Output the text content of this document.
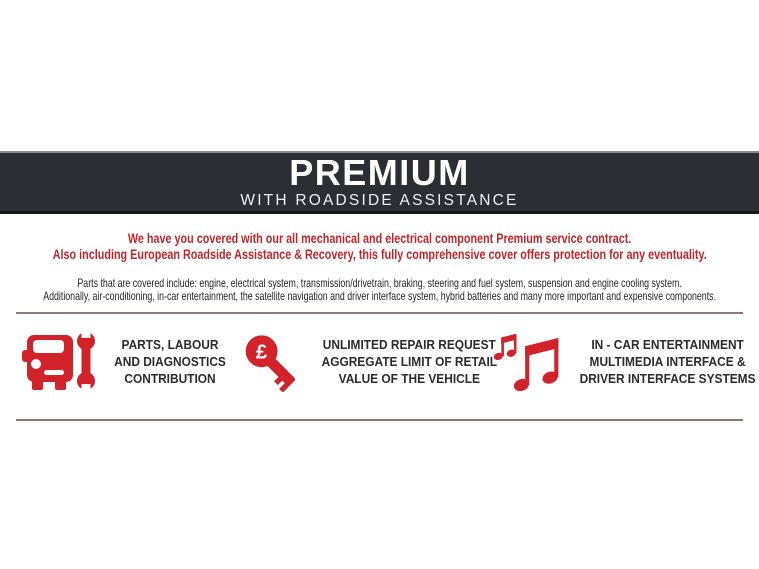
PREMIUM
WITH ROADSIDE ASSISTANCE
We have you covered with our all mechanical and electrical component Premium service contract.
Also including European Roadside Assistance & Recovery, this fully comprehensive cover offers protection for any eventuality.
Parts that are covered include: engine, electrical system, transmission/drivetrain, braking, steering and fuel system, suspension and engine cooling system.
Additionally, air-conditioning, in-car entertainment, the satellite navigation and driver interface system, hybrid batteries and many more important and expensive components.
PARTS, LABOUR
AND DIAGNOSTICS
CONTRIBUTION
£	UNLIMITED REPAIR REQUEST
AGGREGATE LIMIT OF RETAIL
VALUE OF THE VEHICLE
IN - CAR ENTERTAINMENT
MULTIMEDIA INTERFACE &
DRIVER INTERFACE SYSTEMS
